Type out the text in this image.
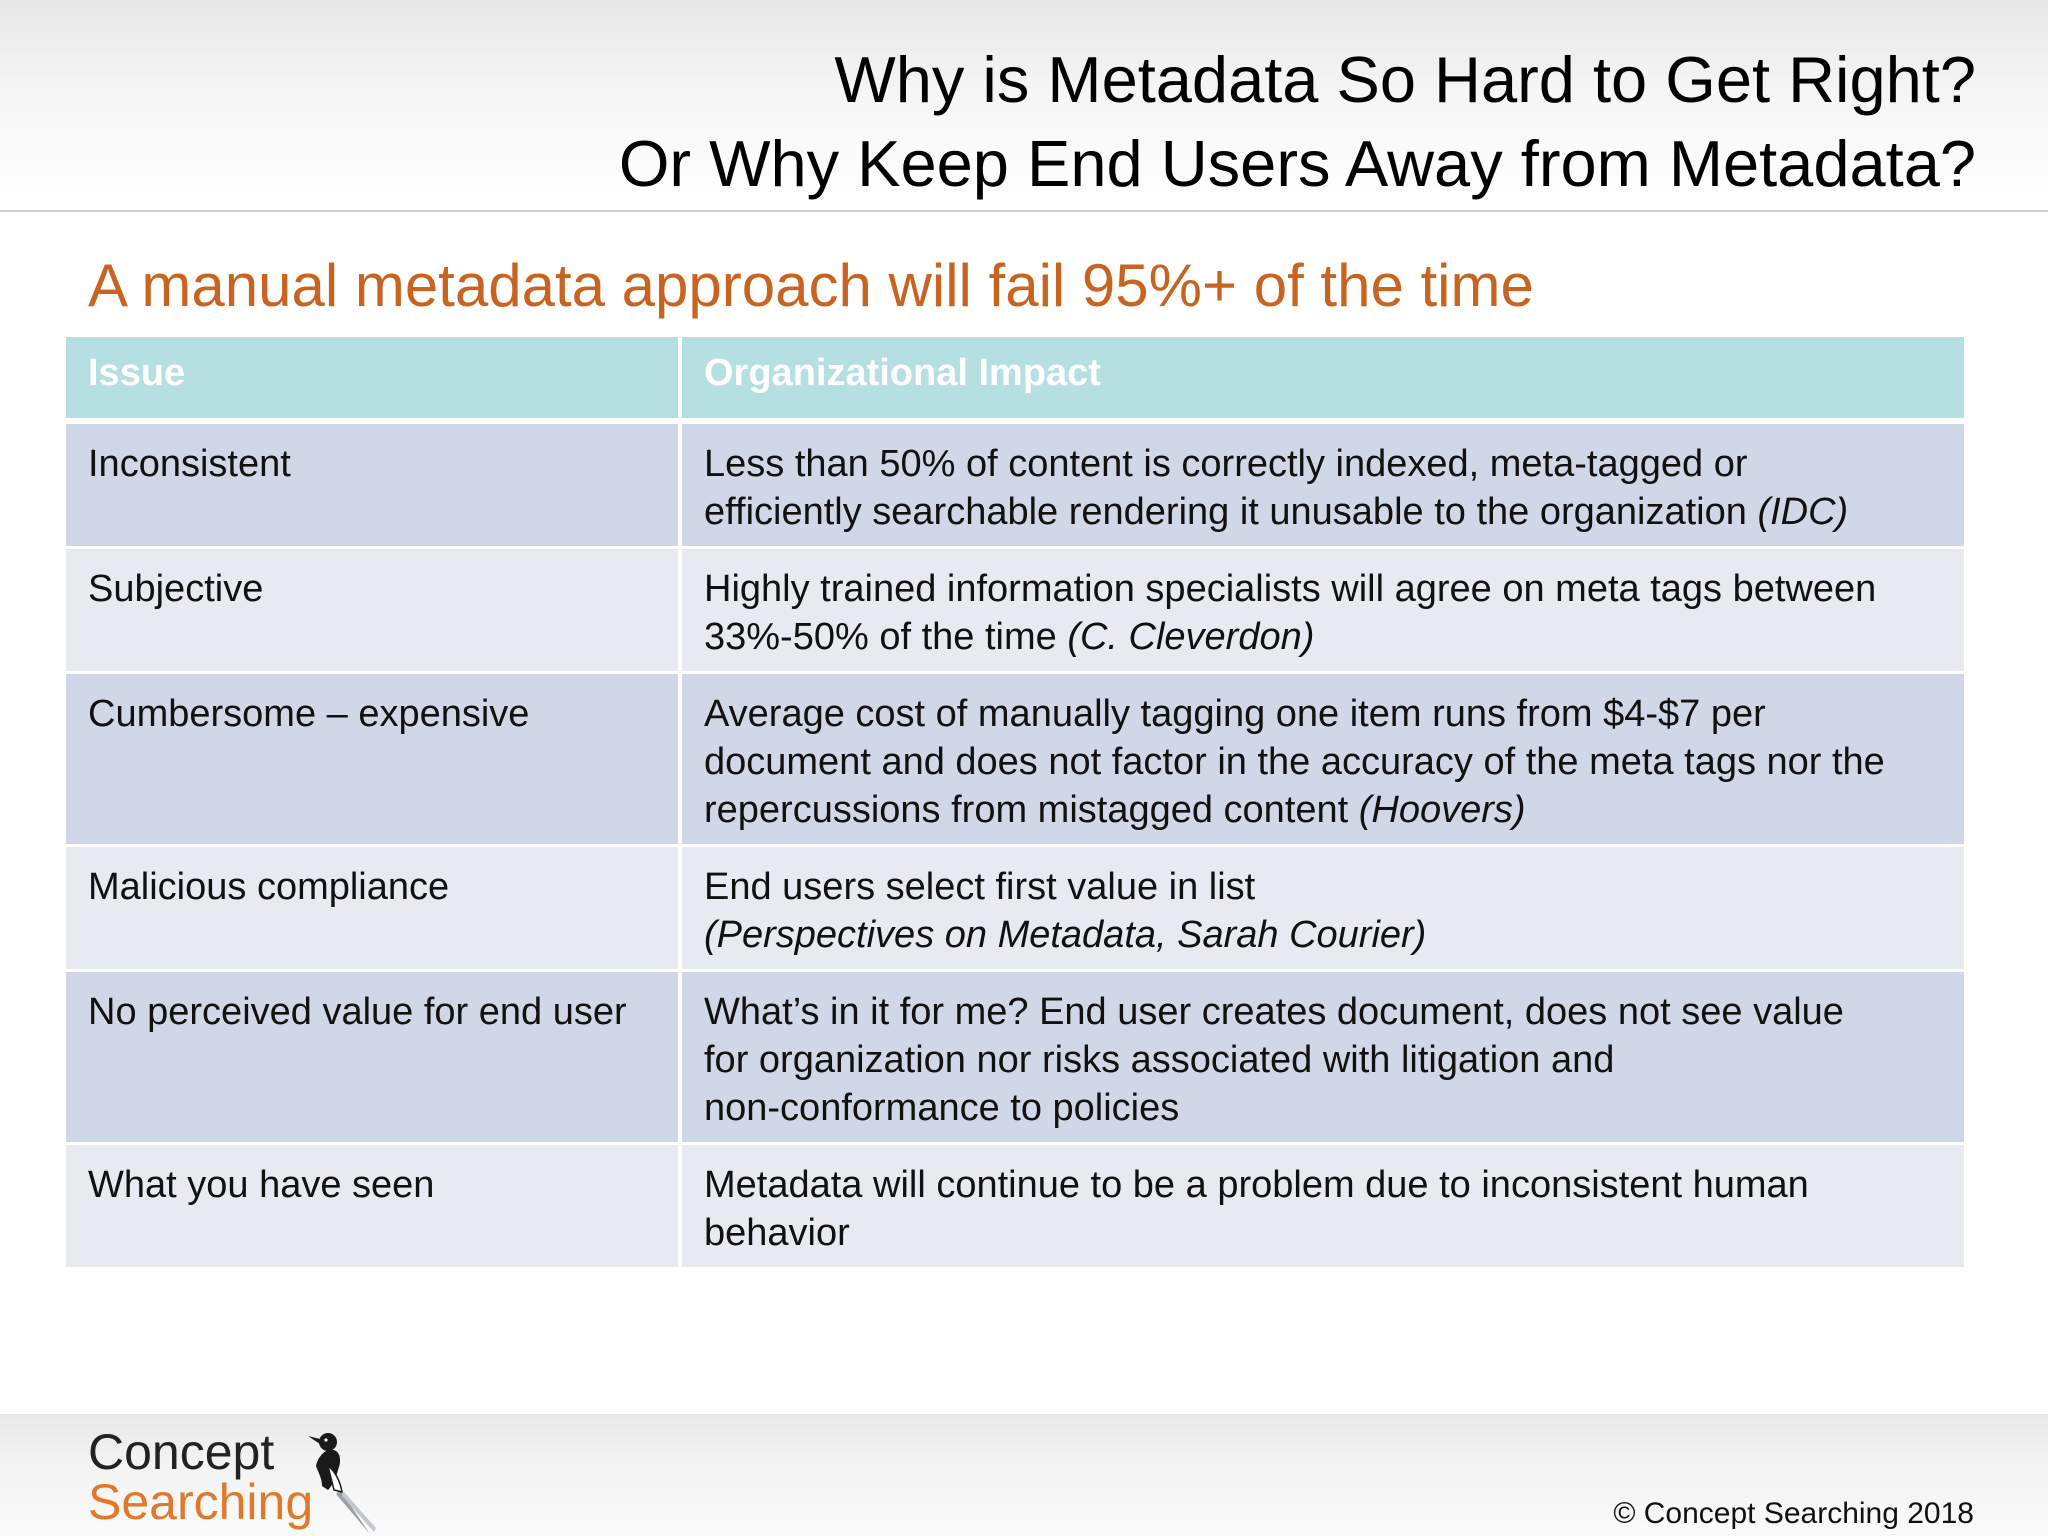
Why is Metadata So Hard to Get Right?
Or Why Keep End Users Away from Metadata?
A manual metadata approach will fail 95%+ of the time
Issue	Organizational Impact
Inconsistent	Less than 50% of content is correctly indexed, meta-tagged or
efficiently searchable rendering it unusable to the organization (IDC)

Subjective	Highly trained information specialists will agree on meta tags between
33%-50% of the time (C. Cleverdon)

Cumbersome – expensive	Average cost of manually tagging one item runs from $4-$7 per
document and does not factor in the accuracy of the meta tags nor the
repercussions from mistagged content (Hoovers)

Malicious compliance	End users select first value in list
(Perspectives on Metadata, Sarah Courier)

No perceived value for end user	What’s in it for me? End user creates document, does not see value
for organization nor risks associated with litigation and
non-conformance to policies

What you have seen	Metadata will continue to be a problem due to inconsistent human
behavior
Concept
Searching	© Concept Searching 2018
